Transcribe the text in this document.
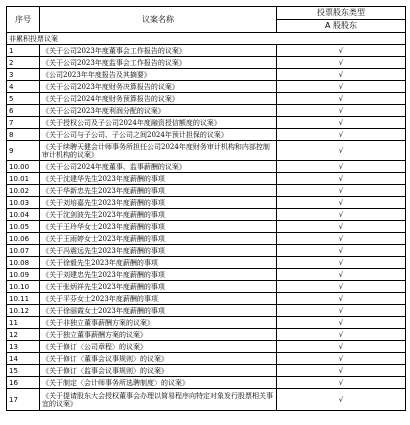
序号	议案名称	投票股东类型
		A 股股东
非累积投票议案		
1	《关于公司2023年度董事会工作报告的议案》	√
2	《关于公司2023年度监事会工作报告的议案》	√
3	《公司2023年年度报告及其摘要》	√
4	《关于公司2023年度财务决算报告的议案》	√
5	《关于公司2024年度财务预算报告的议案》	√
6	《关于公司2023年度利润分配的议案》	√
7	《关于授权公司及子公司2024年度融资授信额度的议案》	√
8	《关于公司与子公司、子公司之间2024年预计担保的议案》	√
9	《关于续聘天健会计师事务所担任公司2024年度财务审计机构和内部控制审计机构的议案》	√
10.00	《关于公司2024年度董事、监事薪酬的议案》	√
10.01	《关于沈建华先生2023年度薪酬的事项	√
10.02	《关于华新忠先生2023年度薪酬的事项	√
10.03	《关于刘培嘉先生2023年度薪酬的事项	√
10.04	《关于沈剑波先生2023年度薪酬的事项	√
10.05	《关于王玲华女士2023年度薪酬的事项	√
10.06	《关于王雨婷女士2023年度薪酬的事项	√
10.07	《关于冯震远先生2023年度薪酬的事项	√
10.08	《关于徐毅先生2023年度薪酬的事项	√
10.09	《关于刘建忠先生2023年度薪酬的事项	√
10.10	《关于张炳祥先生2023年度薪酬的事项	√
10.11	《关于平芬女士2023年度薪酬的事项	√
10.12	《关于徐丽霞女士2023年度薪酬的事项	√
11	《关于非独立董事薪酬方案的议案》	√
12	《关于独立董事薪酬方案的议案》	√
13	《关于修订〈公司章程〉的议案》	√
14	《关于修订〈董事会议事规则〉的议案》	√
15	《关于修订〈监事会议事规则〉的议案》	√
16	《关于制定〈会计师事务所选聘制度〉的议案》	√
17	《关于提请股东大会授权董事会办理以简易程序向特定对象发行股票相关事宜的议案》	√
